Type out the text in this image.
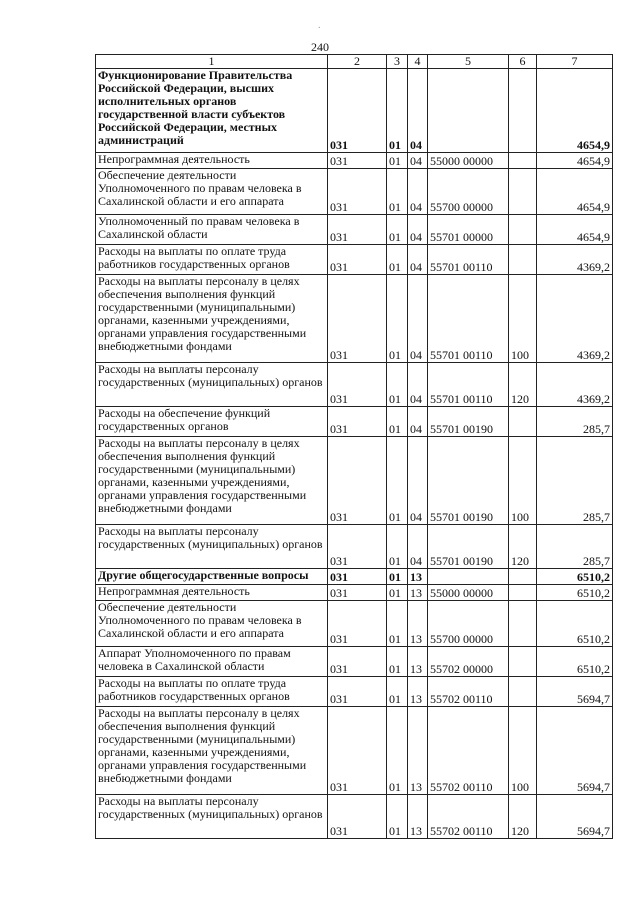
.
240
1	2	3	4	5	6	7
Функционирование Правительства Российской Федерации, высших исполнительных органов государственной власти субъектов Российской Федерации, местных администраций	031	01	04			4654,9
Непрограммная деятельность	031	01	04	55000 00000		4654,9
Обеспечение деятельности Уполномоченного по правам человека в Сахалинской области и его аппарата	031	01	04	55700 00000		4654,9
Уполномоченный по правам человека в Сахалинской области	031	01	04	55701 00000		4654,9
Расходы на выплаты по оплате труда работников государственных органов	031	01	04	55701 00110		4369,2
Расходы на выплаты персоналу в целях обеспечения выполнения функций государственными (муниципальными) органами, казенными учреждениями, органами управления государственными внебюджетными фондами	031	01	04	55701 00110	100	4369,2
Расходы на выплаты персоналу государственных (муниципальных) органов	031	01	04	55701 00110	120	4369,2
Расходы на обеспечение функций государственных органов	031	01	04	55701 00190		285,7
Расходы на выплаты персоналу в целях обеспечения выполнения функций государственными (муниципальными) органами, казенными учреждениями, органами управления государственными внебюджетными фондами	031	01	04	55701 00190	100	285,7
Расходы на выплаты персоналу государственных (муниципальных) органов	031	01	04	55701 00190	120	285,7
Другие общегосударственные вопросы	031	01	13			6510,2
Непрограммная деятельность	031	01	13	55000 00000		6510,2
Обеспечение деятельности Уполномоченного по правам человека в Сахалинской области и его аппарата	031	01	13	55700 00000		6510,2
Аппарат Уполномоченного по правам человека в Сахалинской области	031	01	13	55702 00000		6510,2
Расходы на выплаты по оплате труда работников государственных органов	031	01	13	55702 00110		5694,7
Расходы на выплаты персоналу в целях обеспечения выполнения функций государственными (муниципальными) органами, казенными учреждениями, органами управления государственными внебюджетными фондами	031	01	13	55702 00110	100	5694,7
Расходы на выплаты персоналу государственных (муниципальных) органов	031	01	13	55702 00110	120	5694,7
